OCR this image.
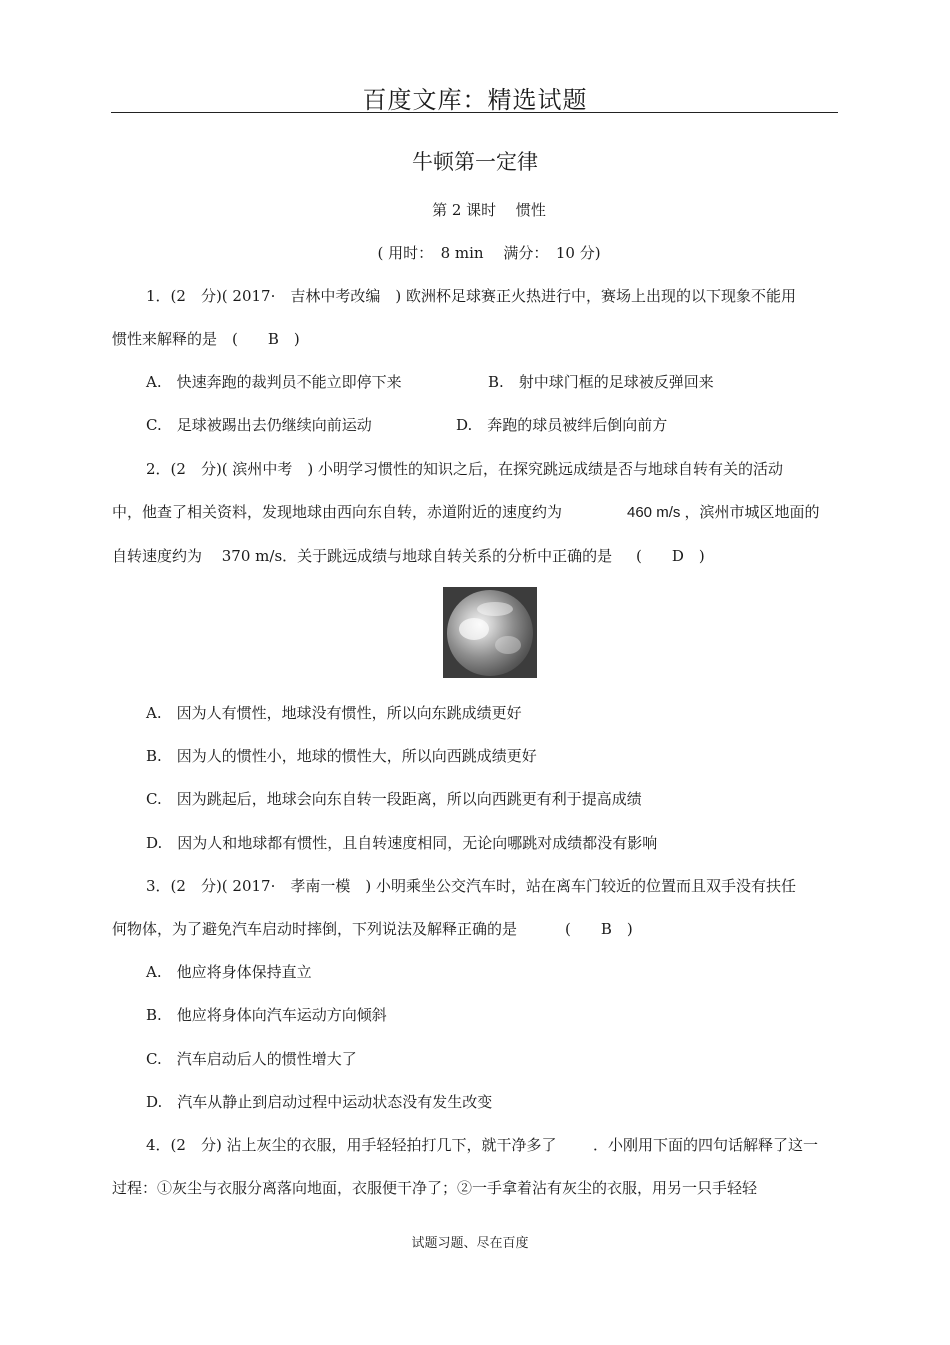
百度文库：精选试题
牛顿第一定律
第 2 课时　 惯性
( 用时：　8 min　 满分：　10 分)
1．(2　分)( 2017·　吉林中考改编　) 欧洲杯足球赛正火热进行中，赛场上出现的以下现象不能用
惯性来解释的是　(　　B　)
A.　快速奔跑的裁判员不能立即停下来	B.　射中球门框的足球被反弹回来
C.　足球被踢出去仍继续向前运动	D.　奔跑的球员被绊后倒向前方
2．(2　分)( 滨州中考　) 小明学习惯性的知识之后，在探究跳远成绩是否与地球自转有关的活动
中，他查了相关资料，发现地球由西向东自转，赤道附近的速度约为	460 m/s ，滨州市城区地面的
自转速度约为　 370 m/s．关于跳远成绩与地球自转关系的分析中正确的是 (　　D　)
A.　因为人有惯性，地球没有惯性，所以向东跳成绩更好
B.　因为人的惯性小，地球的惯性大，所以向西跳成绩更好
C.　因为跳起后，地球会向东自转一段距离，所以向西跳更有利于提高成绩
D.　因为人和地球都有惯性，且自转速度相同，无论向哪跳对成绩都没有影响
3．(2　分)( 2017·　孝南一模　) 小明乘坐公交汽车时，站在离车门较近的位置而且双手没有扶任
何物体，为了避免汽车启动时摔倒，下列说法及解释正确的是	(　　B　)
A.　他应将身体保持直立
B.　他应将身体向汽车运动方向倾斜
C.　汽车启动后人的惯性增大了
D.　汽车从静止到启动过程中运动状态没有发生改变
4．(2　分) 沾上灰尘的衣服，用手轻轻拍打几下，就干净多了 ．小刚用下面的四句话解释了这一
过程：①灰尘与衣服分离落向地面，衣服便干净了；②一手拿着沾有灰尘的衣服，用另一只手轻轻
试题习题、尽在百度
